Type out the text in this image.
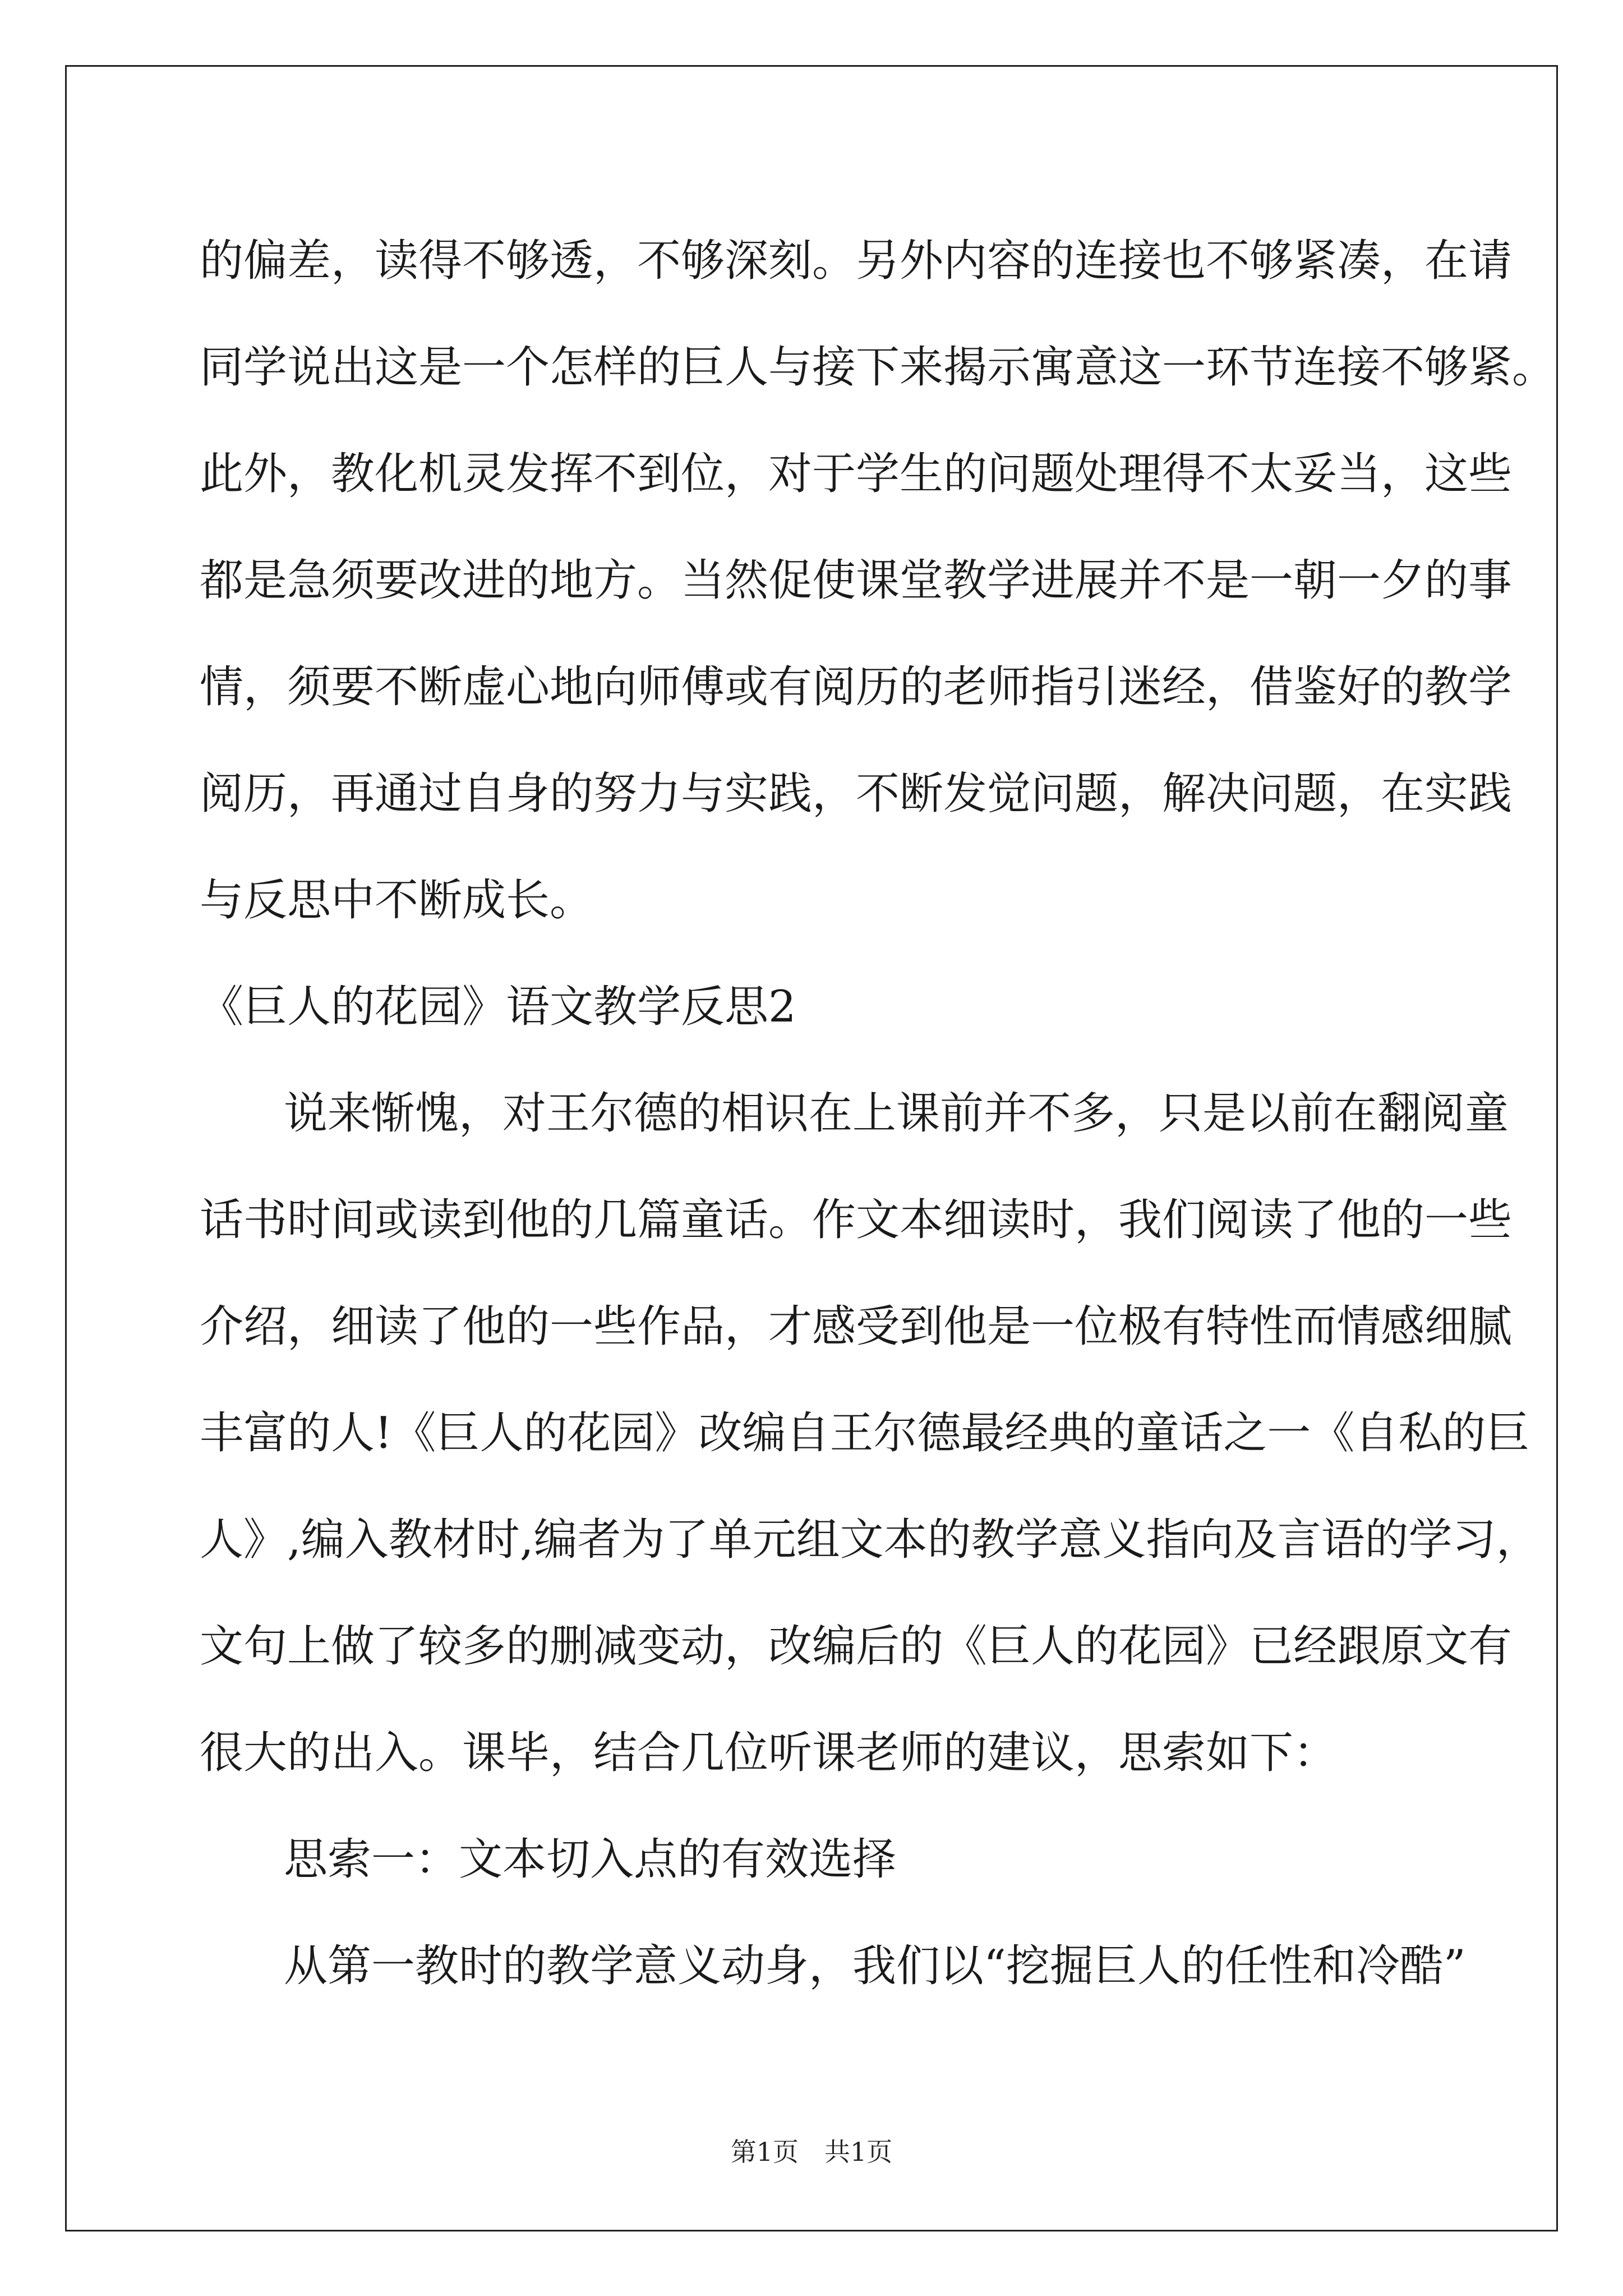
的偏差，读得不够透，不够深刻。另外内容的连接也不够紧凑，在请
同学说出这是一个怎样的巨人与接下来揭示寓意这一环节连接不够紧。
此外，教化机灵发挥不到位，对于学生的问题处理得不太妥当，这些
都是急须要改进的地方。当然促使课堂教学进展并不是一朝一夕的事
情，须要不断虚心地向师傅或有阅历的老师指引迷经，借鉴好的教学
阅历，再通过自身的努力与实践，不断发觉问题，解决问题，在实践
与反思中不断成长。
《巨人的花园》语文教学反思2
说来惭愧，对王尔德的相识在上课前并不多，只是以前在翻阅童
话书时间或读到他的几篇童话。作文本细读时，我们阅读了他的一些
介绍，细读了他的一些作品，才感受到他是一位极有特性而情感细腻
丰富的人!《巨人的花园》改编自王尔德最经典的童话之一《自私的巨
人》,编入教材时,编者为了单元组文本的教学意义指向及言语的学习，
文句上做了较多的删减变动，改编后的《巨人的花园》已经跟原文有
很大的出入。课毕，结合几位听课老师的建议，思索如下：
思索一：文本切入点的有效选择
从第一教时的教学意义动身，我们以“挖掘巨人的任性和冷酷”
第1页　共1页
